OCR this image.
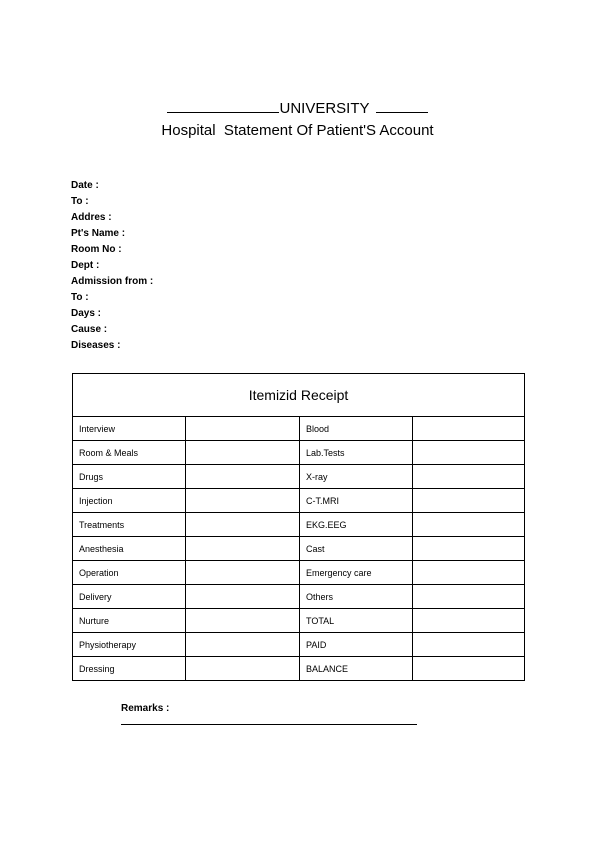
UNIVERSITY
Hospital  Statement Of Patient'S Account
Date :
To :
Addres :
Pt's Name :
Room No :
Dept :
Admission from :
To :
Days :
Cause :
Diseases :
Itemizid Receipt			
Interview		Blood	
Room & Meals		Lab.Tests	
Drugs		X-ray	
Injection		C-T.MRI	
Treatments		EKG.EEG	
Anesthesia		Cast	
Operation		Emergency care	
Delivery		Others	
Nurture		TOTAL	
Physiotherapy		PAID	
Dressing		BALANCE	
Remarks :
